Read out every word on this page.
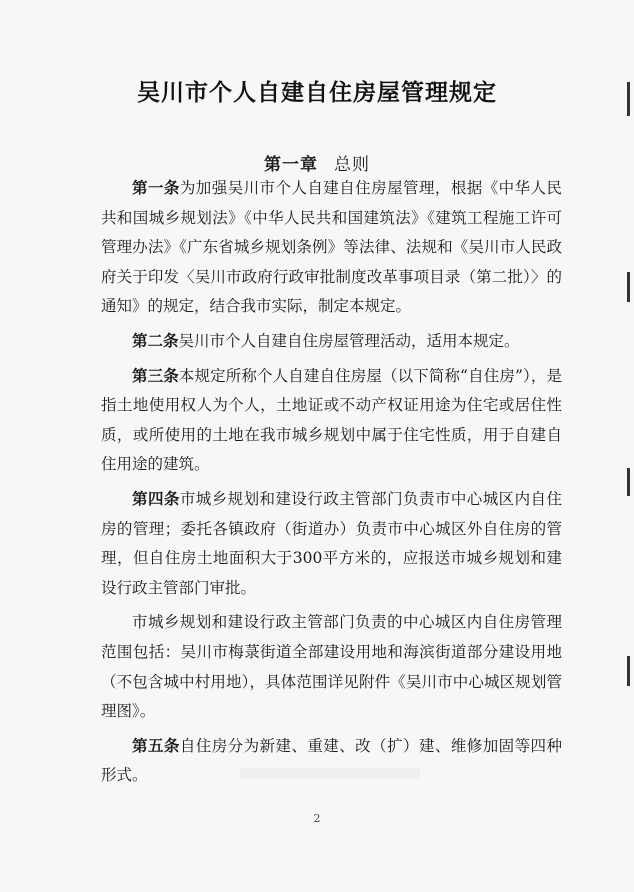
吴川市个人自建自住房屋管理规定
第一章 总则

第一条为加强吴川市个人自建自住房屋管理，根据《中华人民共和国城乡规划法》《中华人民共和国建筑法》《建筑工程施工许可管理办法》《广东省城乡规划条例》等法律、法规和《吴川市人民政府关于印发〈吴川市政府行政审批制度改革事项目录（第二批）〉的通知》的规定，结合我市实际，制定本规定。

第二条吴川市个人自建自住房屋管理活动，适用本规定。

第三条本规定所称个人自建自住房屋（以下简称“自住房”），是指土地使用权人为个人，土地证或不动产权证用途为住宅或居住性质，或所使用的土地在我市城乡规划中属于住宅性质，用于自建自住用途的建筑。

第四条市城乡规划和建设行政主管部门负责市中心城区内自住房的管理；委托各镇政府（街道办）负责市中心城区外自住房的管理，但自住房土地面积大于300平方米的，应报送市城乡规划和建设行政主管部门审批。

市城乡规划和建设行政主管部门负责的中心城区内自住房管理范围包括：吴川市梅菉街道全部建设用地和海滨街道部分建设用地（不包含城中村用地），具体范围详见附件《吴川市中心城区规划管理图》。

第五条自住房分为新建、重建、改（扩）建、维修加固等四种形式。

2
